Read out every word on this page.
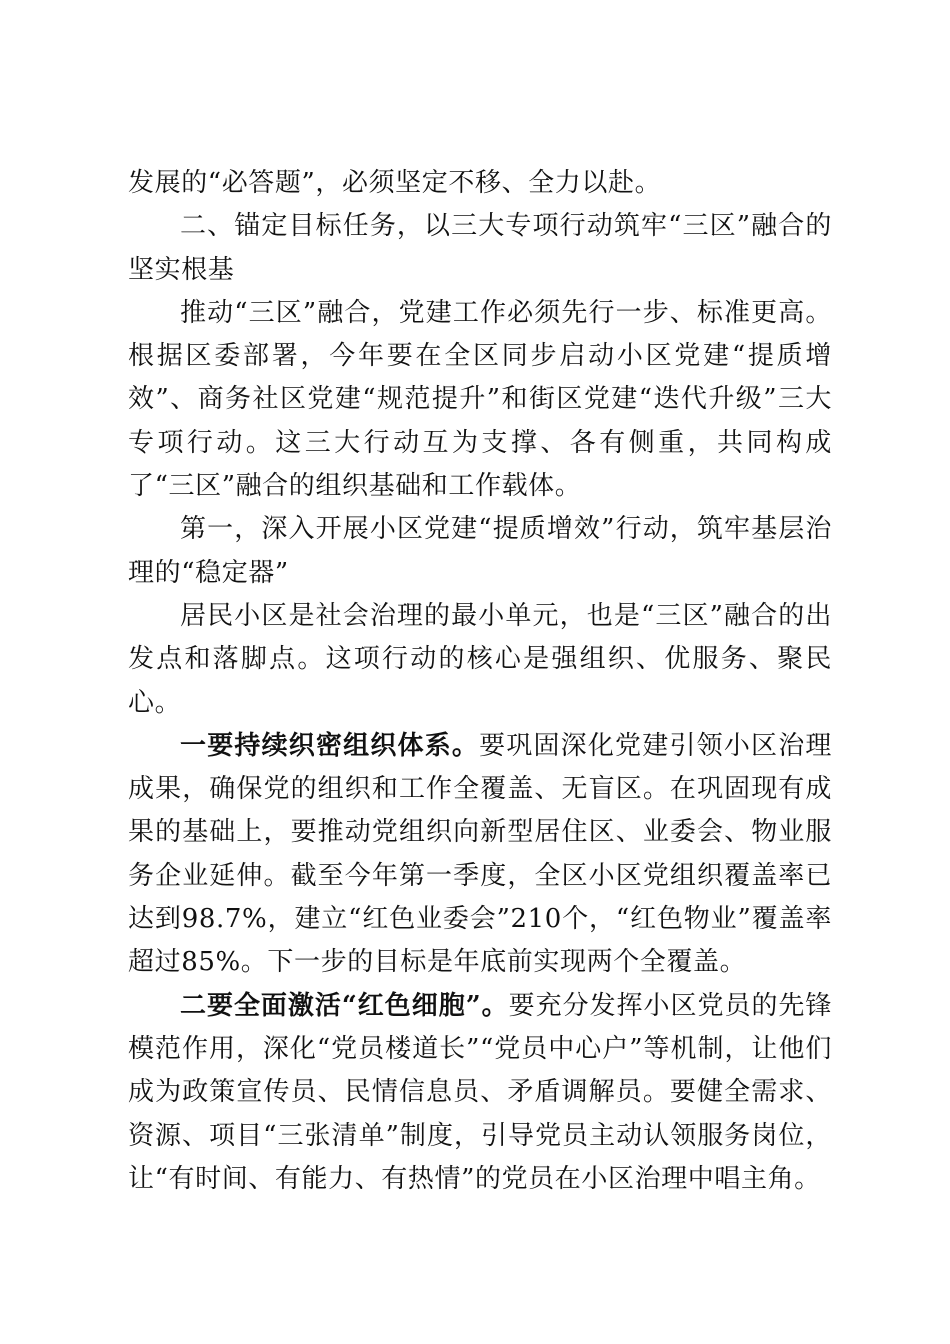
发展的“必答题”，必须坚定不移、全力以赴。

二、锚定目标任务，以三大专项行动筑牢“三区”融合的坚实根基

推动“三区”融合，党建工作必须先行一步、标准更高。根据区委部署，今年要在全区同步启动小区党建“提质增效”、商务社区党建“规范提升”和街区党建“迭代升级”三大专项行动。这三大行动互为支撑、各有侧重，共同构成了“三区”融合的组织基础和工作载体。

第一，深入开展小区党建“提质增效”行动，筑牢基层治理的“稳定器”

居民小区是社会治理的最小单元，也是“三区”融合的出发点和落脚点。这项行动的核心是强组织、优服务、聚民心。

一要持续织密组织体系。要巩固深化党建引领小区治理成果，确保党的组织和工作全覆盖、无盲区。在巩固现有成果的基础上，要推动党组织向新型居住区、业委会、物业服务企业延伸。截至今年第一季度，全区小区党组织覆盖率已达到98.7%，建立“红色业委会”210个，“红色物业”覆盖率超过85%。下一步的目标是年底前实现两个全覆盖。

二要全面激活“红色细胞”。要充分发挥小区党员的先锋模范作用，深化“党员楼道长”“党员中心户”等机制，让他们成为政策宣传员、民情信息员、矛盾调解员。要健全需求、资源、项目“三张清单”制度，引导党员主动认领服务岗位，让“有时间、有能力、有热情”的党员在小区治理中唱主角。
